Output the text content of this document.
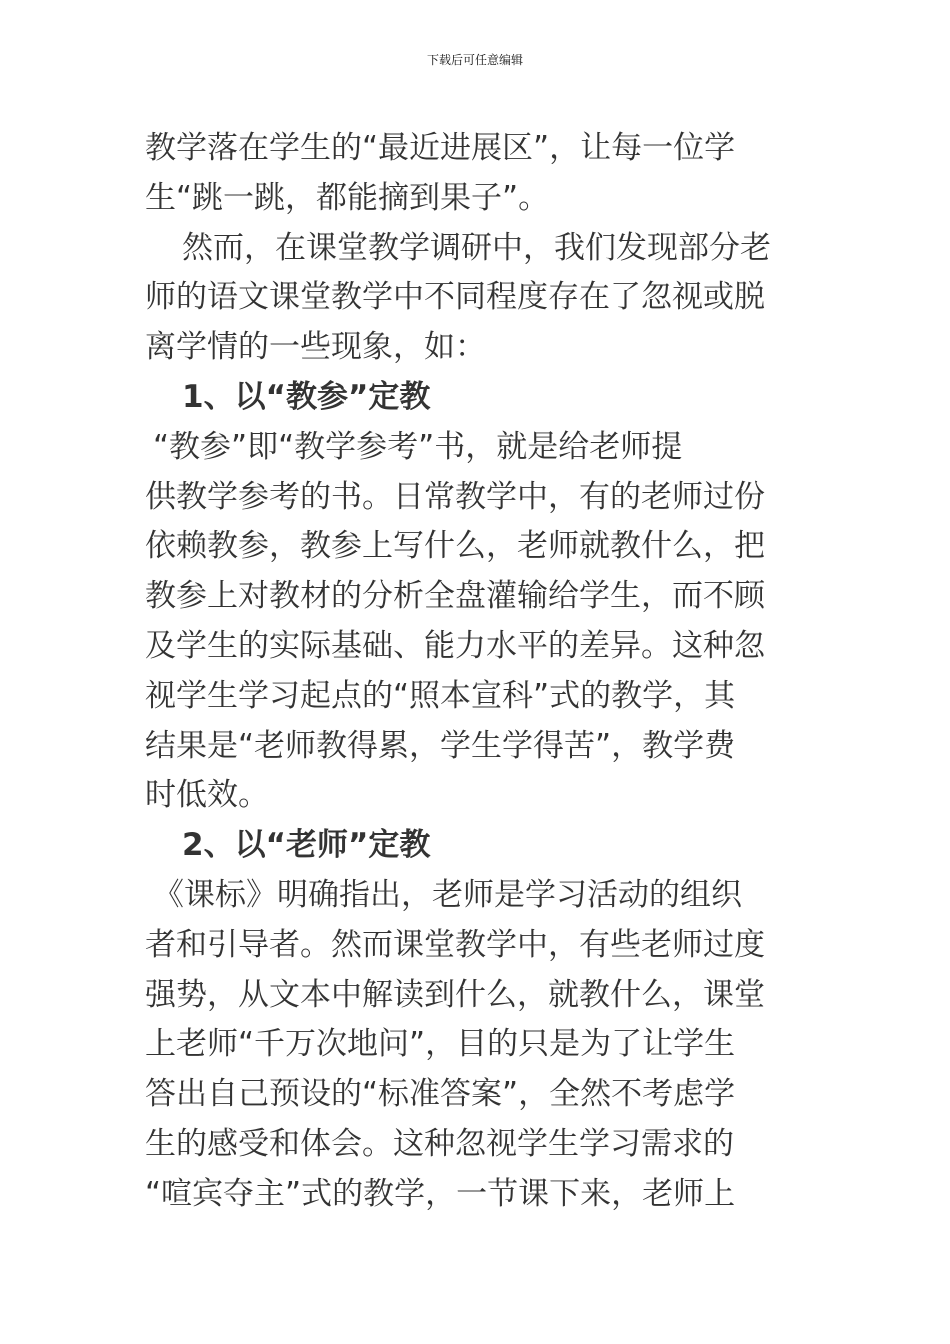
下载后可任意编辑
教学落在学生的“最近进展区”，让每一位学
生“跳一跳，都能摘到果子”。
然而，在课堂教学调研中，我们发现部分老
师的语文课堂教学中不同程度存在了忽视或脱
离学情的一些现象，如：
1、以“教参”定教
“教参”即“教学参考”书，就是给老师提
供教学参考的书。日常教学中，有的老师过份
依赖教参，教参上写什么，老师就教什么，把
教参上对教材的分析全盘灌输给学生，而不顾
及学生的实际基础、能力水平的差异。这种忽
视学生学习起点的“照本宣科”式的教学，其
结果是“老师教得累，学生学得苦”，教学费
时低效。
2、以“老师”定教
《课标》明确指出，老师是学习活动的组织
者和引导者。然而课堂教学中，有些老师过度
强势，从文本中解读到什么，就教什么，课堂
上老师“千万次地问”，目的只是为了让学生
答出自己预设的“标准答案”，全然不考虑学
生的感受和体会。这种忽视学生学习需求的
“喧宾夺主”式的教学，一节课下来，老师上
